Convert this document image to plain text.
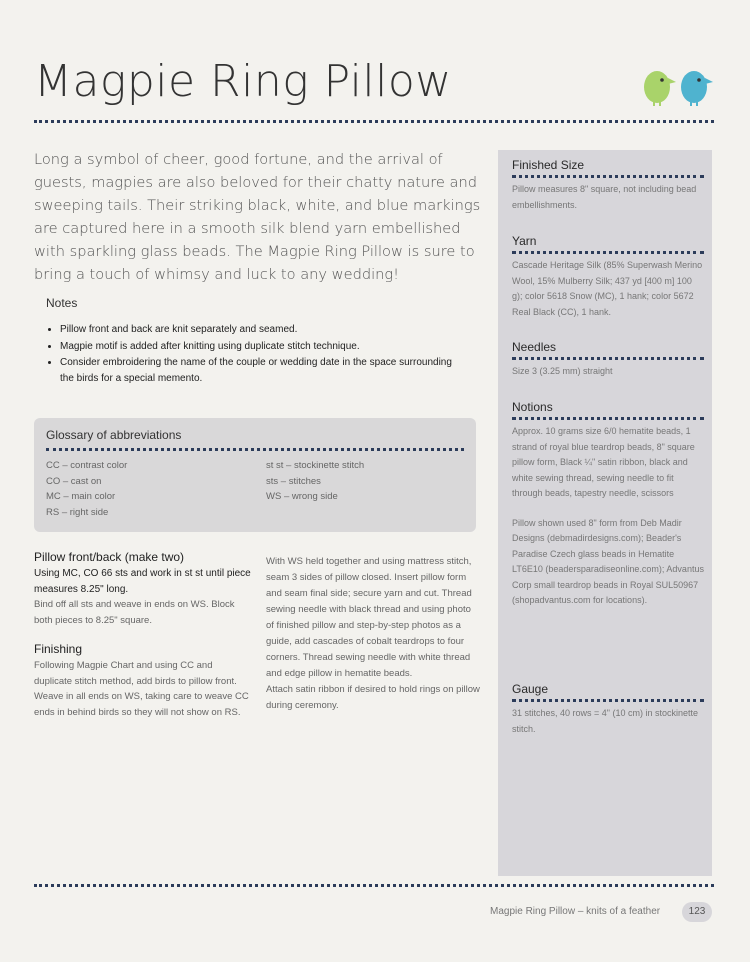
Magpie Ring Pillow
Long a symbol of cheer, good fortune, and the arrival of guests, magpies are also beloved for their chatty nature and sweeping tails. Their striking black, white, and blue markings are captured here in a smooth silk blend yarn embellished with sparkling glass beads. The Magpie Ring Pillow is sure to bring a touch of whimsy and luck to any wedding!
Notes
• Pillow front and back are knit separately and seamed.
• Magpie motif is added after knitting using duplicate stitch technique.
• Consider embroidering the name of the couple or wedding date in the space surrounding the birds for a special memento.
Glossary of abbreviations
CC – contrast color
CO – cast on
MC – main color
RS – right side
st st – stockinette stitch
sts – stitches
WS – wrong side
Pillow front/back (make two)
Using MC, CO 66 sts and work in st st until piece measures 8.25" long.
Bind off all sts and weave in ends on WS. Block both pieces to 8.25" square.
Finishing
Following Magpie Chart and using CC and duplicate stitch method, add birds to pillow front. Weave in all ends on WS, taking care to weave CC ends in behind birds so they will not show on RS.
With WS held together and using mattress stitch, seam 3 sides of pillow closed. Insert pillow form and seam final side; secure yarn and cut. Thread sewing needle with black thread and using photo of finished pillow and step-by-step photos as a guide, add cascades of cobalt teardrops to four corners. Thread sewing needle with white thread and edge pillow in hematite beads.
Attach satin ribbon if desired to hold rings on pillow during ceremony.
Finished Size
Pillow measures 8" square, not including bead embellishments.
Yarn
Cascade Heritage Silk (85% Superwash Merino Wool, 15% Mulberry Silk; 437 yd [400 m] 100 g); color 5618 Snow (MC), 1 hank; color 5672 Real Black (CC), 1 hank.
Needles
Size 3 (3.25 mm) straight
Notions
Approx. 10 grams size 6/0 hematite beads, 1 strand of royal blue teardrop beads, 8" square pillow form, Black ¼" satin ribbon, black and white sewing thread, sewing needle to fit through beads, tapestry needle, scissors
Pillow shown used 8" form from Deb Madir Designs (debmadirdesigns.com); Beader's Paradise Czech glass beads in Hematite LT6E10 (beadersparadiseonline.com); Advantus Corp small teardrop beads in Royal SUL50967 (shopadvantus.com for locations).
Gauge
31 stitches, 40 rows = 4" (10 cm) in stockinette stitch.
Magpie Ring Pillow – knits of a feather	123
